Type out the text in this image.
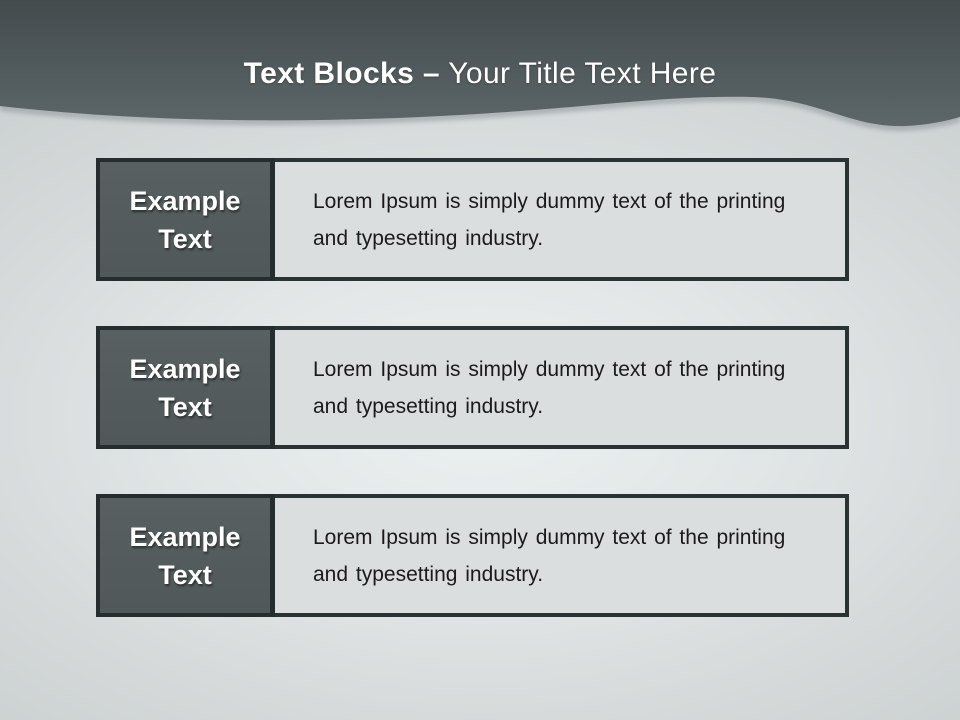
Text Blocks – Your Title Text Here
Example Text
Lorem Ipsum is simply dummy text of the printing and typesetting industry.
Example Text
Lorem Ipsum is simply dummy text of the printing and typesetting industry.
Example Text
Lorem Ipsum is simply dummy text of the printing and typesetting industry.
